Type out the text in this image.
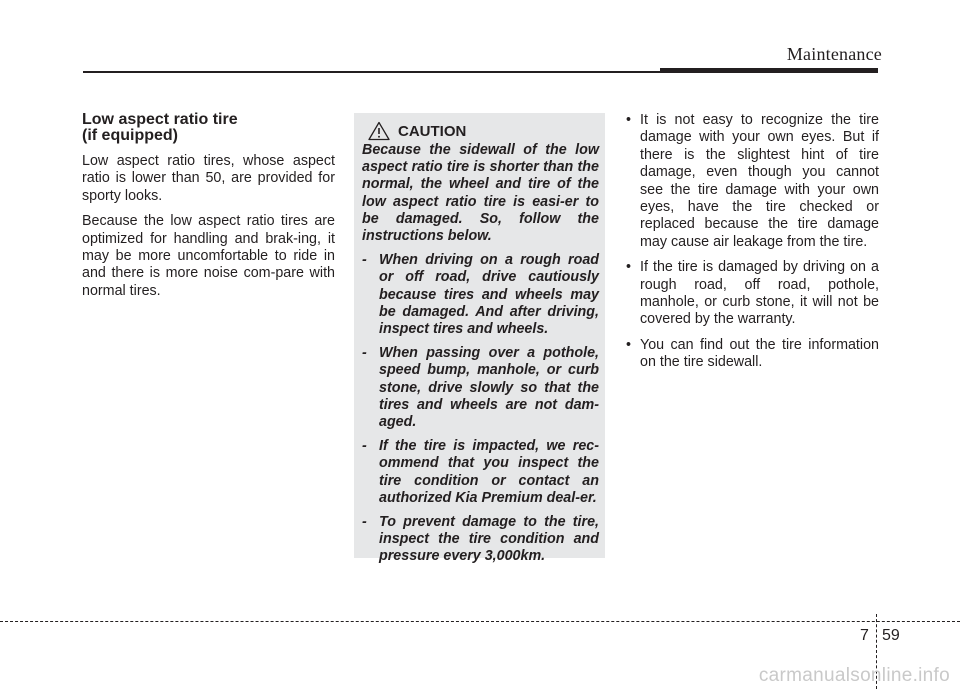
Maintenance
Low aspect ratio tire
(if equipped)

Low aspect ratio tires, whose aspect ratio is lower than 50, are provided for sporty looks.

Because the low aspect ratio tires are optimized for handling and brak-ing, it may be more uncomfortable to ride in and there is more noise com-pare with normal tires.

CAUTION

Because the sidewall of the low aspect ratio tire is shorter than the normal, the wheel and tire of the low aspect ratio tire is easi-er to be damaged. So, follow the instructions below.

- When driving on a rough road or off road, drive cautiously because tires and wheels may be damaged. And after driving, inspect tires and wheels.
- When passing over a pothole, speed bump, manhole, or curb stone, drive slowly so that the tires and wheels are not dam-aged.
- If the tire is impacted, we rec-ommend that you inspect the tire condition or contact an authorized Kia Premium deal-er.
- To prevent damage to the tire, inspect the tire condition and pressure every 3,000km.
• It is not easy to recognize the tire damage with your own eyes. But if there is the slightest hint of tire damage, even though you cannot see the tire damage with your own eyes, have the tire checked or replaced because the tire damage may cause air leakage from the tire.
• If the tire is damaged by driving on a rough road, off road, pothole, manhole, or curb stone, it will not be covered by the warranty.
• You can find out the tire information on the tire sidewall.
7 59
carmanualsonline.info
